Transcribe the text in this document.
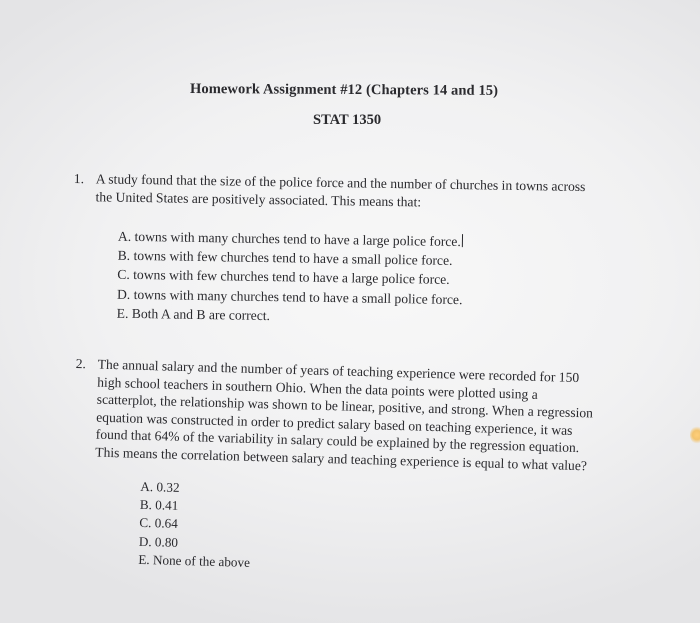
Homework Assignment #12 (Chapters 14 and 15)
STAT 1350
1. A study found that the size of the police force and the number of churches in towns across
the United States are positively associated. This means that:
A. towns with many churches tend to have a large police force.
B. towns with few churches tend to have a small police force.
C. towns with few churches tend to have a large police force.
D. towns with many churches tend to have a small police force.
E. Both A and B are correct.
2. The annual salary and the number of years of teaching experience were recorded for 150
high school teachers in southern Ohio. When the data points were plotted using a
scatterplot, the relationship was shown to be linear, positive, and strong. When a regression
equation was constructed in order to predict salary based on teaching experience, it was
found that 64% of the variability in salary could be explained by the regression equation.
This means the correlation between salary and teaching experience is equal to what value?
A. 0.32
B. 0.41
C. 0.64
D. 0.80
E. None of the above
